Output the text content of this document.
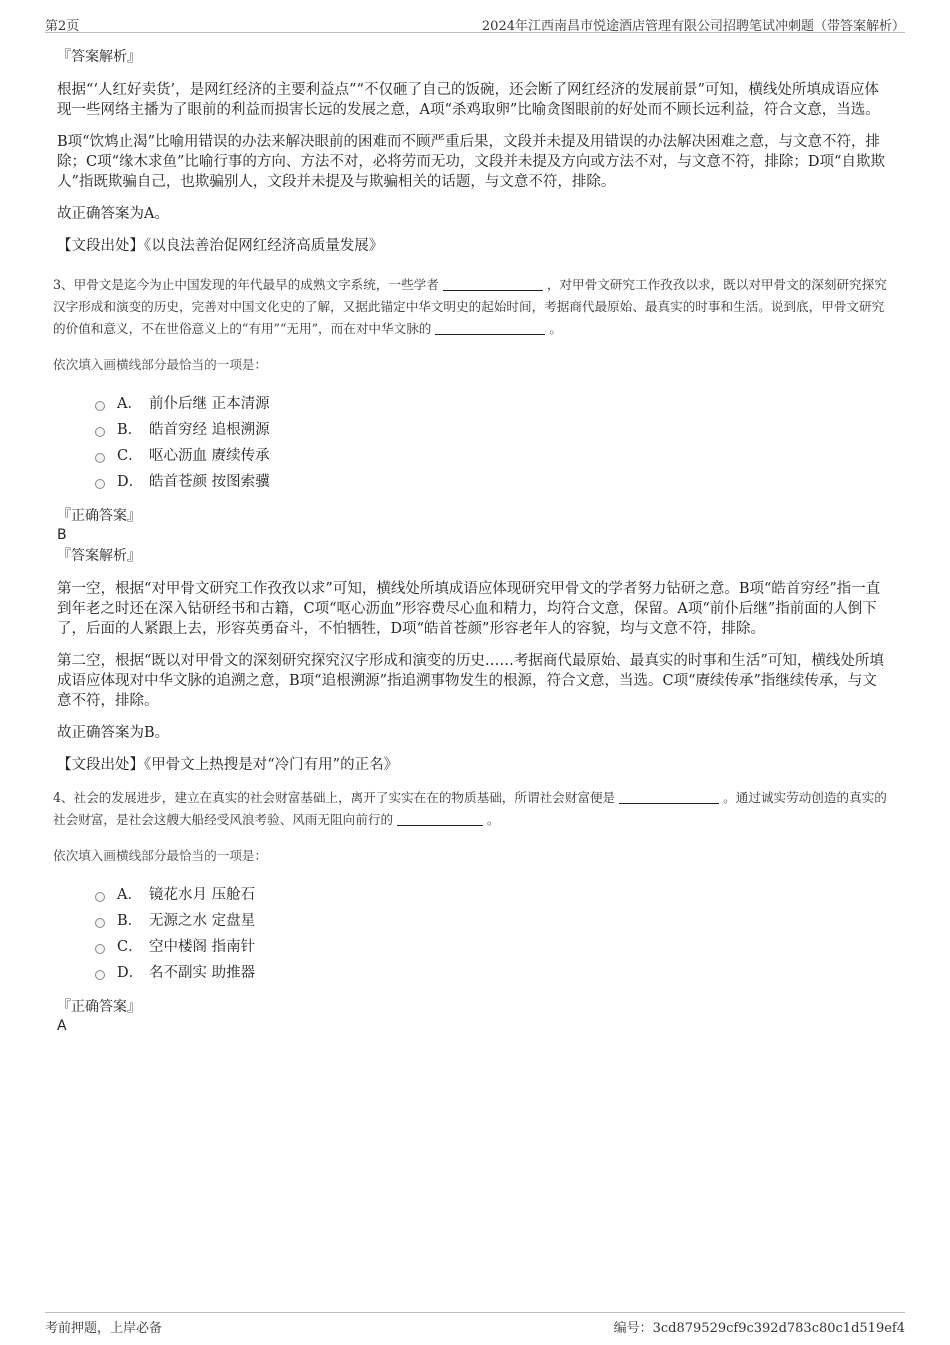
第2页	2024年江西南昌市悦途酒店管理有限公司招聘笔试冲刺题（带答案解析）
『答案解析』

根据“‘人红好卖货’，是网红经济的主要利益点”“不仅砸了自己的饭碗，还会断了网红经济的发展前景”可知，横线处所填成语应体现一些网络主播为了眼前的利益而损害长远的发展之意，A项“杀鸡取卵”比喻贪图眼前的好处而不顾长远利益，符合文意，当选。

B项“饮鸩止渴”比喻用错误的办法来解决眼前的困难而不顾严重后果，文段并未提及用错误的办法解决困难之意，与文意不符，排除；C项“缘木求鱼”比喻行事的方向、方法不对，必将劳而无功，文段并未提及方向或方法不对，与文意不符，排除；D项“自欺欺人”指既欺骗自己，也欺骗别人，文段并未提及与欺骗相关的话题，与文意不符，排除。

故正确答案为A。

【文段出处】《以良法善治促网红经济高质量发展》

3、甲骨文是迄今为止中国发现的年代最早的成熟文字系统，一些学者	，对甲骨文研究工作孜孜以求，既以对甲骨文的深刻研究探究汉字形成和演变的历史，完善对中国文化史的了解，又据此锚定中华文明史的起始时间，考据商代最原始、最真实的时事和生活。说到底，甲骨文研究的价值和意义，不在世俗意义上的“有用”“无用”，而在对中华文脉的	。
依次填入画横线部分最恰当的一项是：
A． 前仆后继 正本清源
B． 皓首穷经 追根溯源
C． 呕心沥血 赓续传承
D． 皓首苍颜 按图索骥
『正确答案』
B
『答案解析』

第一空，根据“对甲骨文研究工作孜孜以求”可知，横线处所填成语应体现研究甲骨文的学者努力钻研之意。B项“皓首穷经”指一直到年老之时还在深入钻研经书和古籍，C项“呕心沥血”形容费尽心血和精力，均符合文意，保留。A项“前仆后继”指前面的人倒下了，后面的人紧跟上去，形容英勇奋斗，不怕牺牲，D项“皓首苍颜”形容老年人的容貌，均与文意不符，排除。

第二空，根据“既以对甲骨文的深刻研究探究汉字形成和演变的历史……考据商代最原始、最真实的时事和生活”可知，横线处所填成语应体现对中华文脉的追溯之意，B项“追根溯源”指追溯事物发生的根源，符合文意，当选。C项“赓续传承”指继续传承，与文意不符，排除。

故正确答案为B。

【文段出处】《甲骨文上热搜是对“冷门有用”的正名》

4、社会的发展进步，建立在真实的社会财富基础上，离开了实实在在的物质基础，所谓社会财富便是	。通过诚实劳动创造的真实的社会财富，是社会这艘大船经受风浪考验、风雨无阻向前行的	。
依次填入画横线部分最恰当的一项是：
A． 镜花水月 压舱石
B． 无源之水 定盘星
C． 空中楼阁 指南针
D． 名不副实 助推器
『正确答案』
A
考前押题，上岸必备	编号：3cd879529cf9c392d783c80c1d519ef4
